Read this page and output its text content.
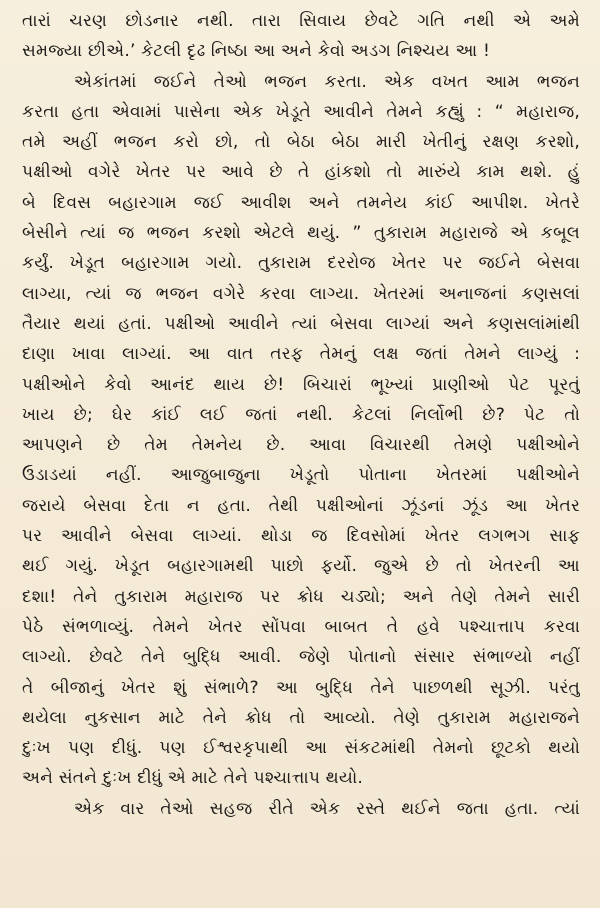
તારાં ચરણ છોડનાર નથી. તારા સિવાય છેવટે ગતિ નથી એ અમે
સમજ્યા છીએ.’ કેટલી દૃઢ નિષ્ઠા આ અને કેવો અડગ નિશ્ચય આ !
એકાંતમાં જઈને તેઓ ભજન કરતા. એક વખત આમ ભજન
કરતા હતા એવામાં પાસેના એક ખેડૂતે આવીને તેમને કહ્યું : “ મહારાજ,
તમે અહીં ભજન કરો છો, તો બેઠા બેઠા મારી ખેતીનું રક્ષણ કરશો,
પક્ષીઓ વગેરે ખેતર પર આવે છે તે હાંકશો તો મારુંયે કામ થશે. હું
બે દિવસ બહારગામ જઈ આવીશ અને તમનેય કાંઈ આપીશ. ખેતરે
બેસીને ત્યાં જ ભજન કરશો એટલે થયું. ” તુકારામ મહારાજે એ કબૂલ
કર્યું. ખેડૂત બહારગામ ગયો. તુકારામ દરરોજ ખેતર પર જઈને બેસવા
લાગ્યા, ત્યાં જ ભજન વગેરે કરવા લાગ્યા. ખેતરમાં અનાજનાં કણસલાં
તૈયાર થયાં હતાં. પક્ષીઓ આવીને ત્યાં બેસવા લાગ્યાં અને કણસલાંમાંથી
દાણા ખાવા લાગ્યાં. આ વાત તરફ તેમનું લક્ષ જતાં તેમને લાગ્યું :
પક્ષીઓને કેવો આનંદ થાય છે! બિચારાં ભૂખ્યાં પ્રાણીઓ પેટ પૂરતું
ખાય છે; ઘેર કાંઈ લઈ જતાં નથી. કેટલાં નિર્લોભી છે? પેટ તો
આપણને છે તેમ તેમનેય છે. આવા વિચારથી તેમણે પક્ષીઓને
ઉડાડયાં નહીં. આજુબાજુના ખેડૂતો પોતાના ખેતરમાં પક્ષીઓને
જરાયે બેસવા દેતા ન હતા. તેથી પક્ષીઓનાં ઝૂંડનાં ઝૂંડ આ ખેતર
પર આવીને બેસવા લાગ્યાં. થોડા જ દિવસોમાં ખેતર લગભગ સાફ
થઈ ગયું. ખેડૂત બહારગામથી પાછો ફર્યો. જુએ છે તો ખેતરની આ
દશા! તેને તુકારામ મહારાજ પર ક્રોધ ચડ્યો; અને તેણે તેમને સારી
પેઠે સંભળાવ્યું. તેમને ખેતર સોંપવા બાબત તે હવે પશ્ચાત્તાપ કરવા
લાગ્યો. છેવટે તેને બુદ્ધિ આવી. જેણે પોતાનો સંસાર સંભાળ્યો નહીં
તે બીજાનું ખેતર શું સંભાળે? આ બુદ્ધિ તેને પાછળથી સૂઝી. પરંતુ
થયેલા નુકસાન માટે તેને ક્રોધ તો આવ્યો. તેણે તુકારામ મહારાજને
દુઃખ પણ દીધું. પણ ઈશ્વરકૃપાથી આ સંકટમાંથી તેમનો છૂટકો થયો
અને સંતને દુઃખ દીધું એ માટે તેને પશ્ચાત્તાપ થયો.
એક વાર તેઓ સહજ રીતે એક રસ્તે થઈને જતા હતા. ત્યાં
